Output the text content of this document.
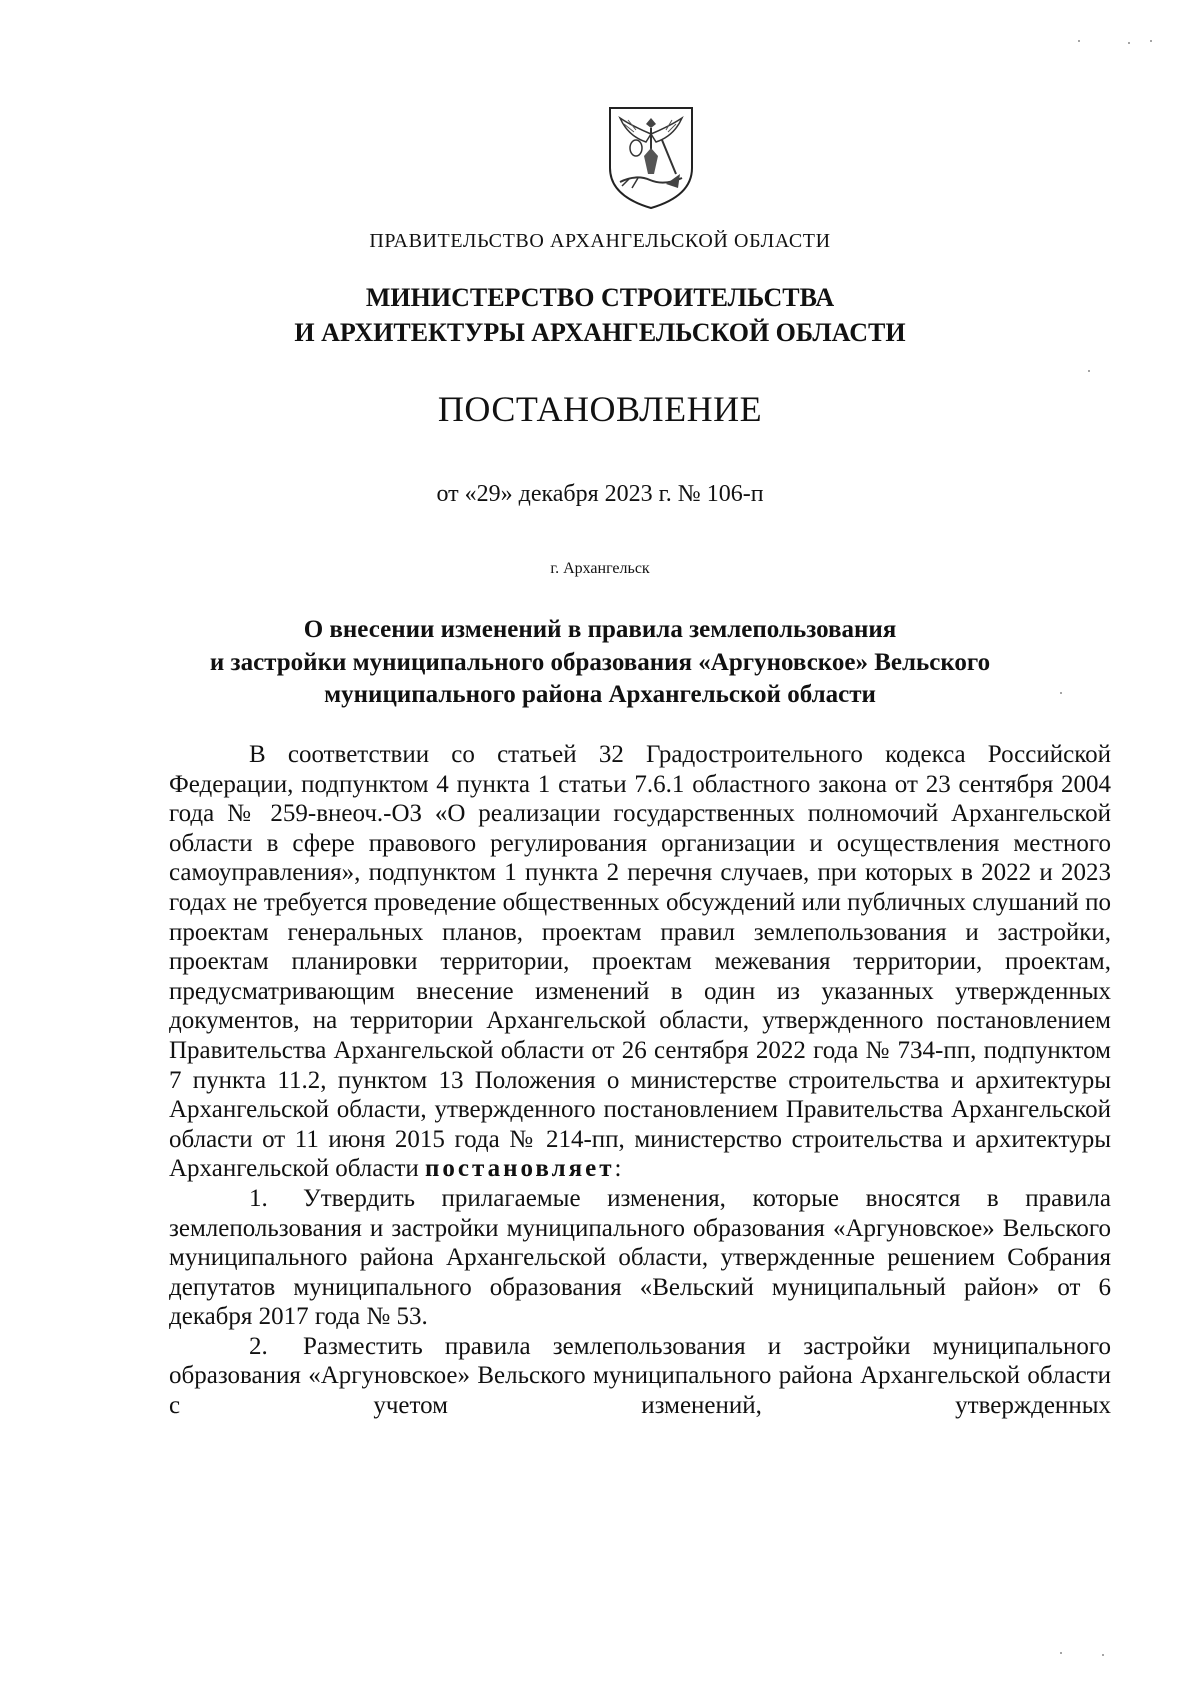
ПРАВИТЕЛЬСТВО АРХАНГЕЛЬСКОЙ ОБЛАСТИ
МИНИСТЕРСТВО СТРОИТЕЛЬСТВА
И АРХИТЕКТУРЫ АРХАНГЕЛЬСКОЙ ОБЛАСТИ
ПОСТАНОВЛЕНИЕ
от «29» декабря 2023 г. № 106-п
г. Архангельск
О внесении изменений в правила землепользования
и застройки муниципального образования «Аргуновское» Вельского
муниципального района Архангельской области

В соответствии со статьей 32 Градостроительного кодекса Российской Федерации, подпунктом 4 пункта 1 статьи 7.6.1 областного закона от 23 сентября 2004 года № 259-внеоч.-ОЗ «О реализации государственных полномочий Архангельской области в сфере правового регулирования организации и осуществления местного самоуправления», подпунктом 1 пункта 2 перечня случаев, при которых в 2022 и 2023 годах не требуется проведение общественных обсуждений или публичных слушаний по проектам генеральных планов, проектам правил землепользования и застройки, проектам планировки территории, проектам межевания территории, проектам, предусматривающим внесение изменений в один из указанных утвержденных документов, на территории Архангельской области, утвержденного постановлением Правительства Архангельской области от 26 сентября 2022 года № 734-пп, подпунктом 7 пункта 11.2, пунктом 13 Положения о министерстве строительства и архитектуры Архангельской области, утвержденного постановлением Правительства Архангельской области от 11 июня 2015 года № 214-пп, министерство строительства и архитектуры Архангельской области постановляет:

1. Утвердить прилагаемые изменения, которые вносятся в правила землепользования и застройки муниципального образования «Аргуновское» Вельского муниципального района Архангельской области, утвержденные решением Собрания депутатов муниципального образования «Вельский муниципальный район» от 6 декабря 2017 года № 53.

2. Разместить правила землепользования и застройки муниципального образования «Аргуновское» Вельского муниципального района Архангельской области с учетом изменений, утвержденных
